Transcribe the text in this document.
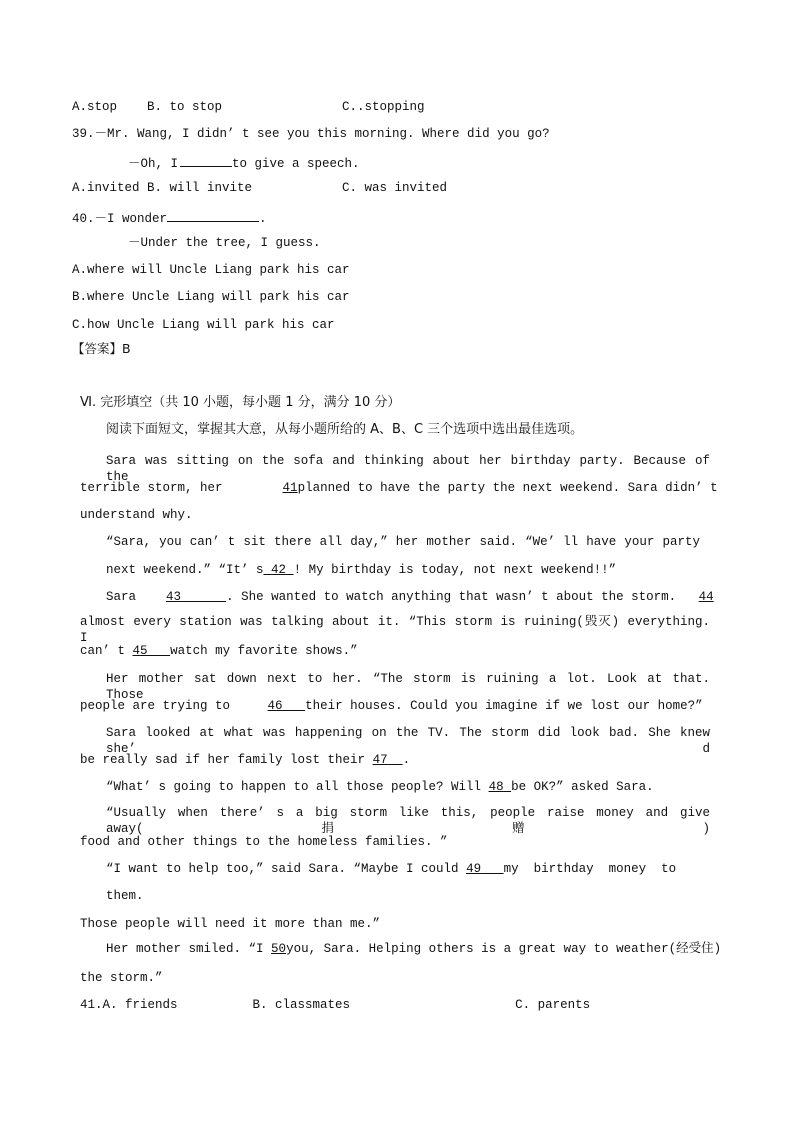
A.stop    B. to stop                C..stopping
39.－Mr. Wang, I didn’ t see you this morning. Where did you go?
－Oh, I	to give a speech.
A.invited B. will invite            C. was invited
40.－I wonder	.
－Under the tree, I guess.
A.where will Uncle Liang park his car
B.where Uncle Liang will park his car
C.how Uncle Liang will park his car
【答案】B
Ⅵ. 完形填空（共 10 小题，每小题 1 分，满分 10 分）
阅读下面短文，掌握其大意，从每小题所给的 A、B、C 三个选项中选出最佳选项。
Sara was sitting on the sofa and thinking about her birthday party. Because of the
terrible storm, her	41planned to have the party the next weekend. Sara didn’ t
understand why.
“Sara, you can’ t sit there all day,” her mother said. “We’ ll have your party
next weekend.” “It’ s 42 ! My birthday is today, not next weekend!!”
Sara 43	. She wanted to watch anything that wasn’ t about the storm. 44
almost every station was talking about it. “This storm is ruining(毁灭) everything. I
can’ t 45 watch my favorite shows.”
Her mother sat down next to her. “The storm is ruining a lot. Look at that. Those
people are trying to	46 their houses. Could you imagine if we lost our home?”
Sara looked at what was happening on the TV. The storm did look bad. She knew she’ d
be really sad if her family lost their 47 .
“What’ s going to happen to all those people? Will 48 be OK?” asked Sara.
“Usually when there’ s a big storm like this, people raise money and give away(捐赠)
food and other things to the homeless families. ”
“I want to help too,” said Sara. “Maybe I could 49 my  birthday  money  to
them.
Those people will need it more than me.”
Her mother smiled. “I 50you, Sara. Helping others is a great way to weather(经受住)
the storm.”
41.A. friends          B. classmates                      C. parents
